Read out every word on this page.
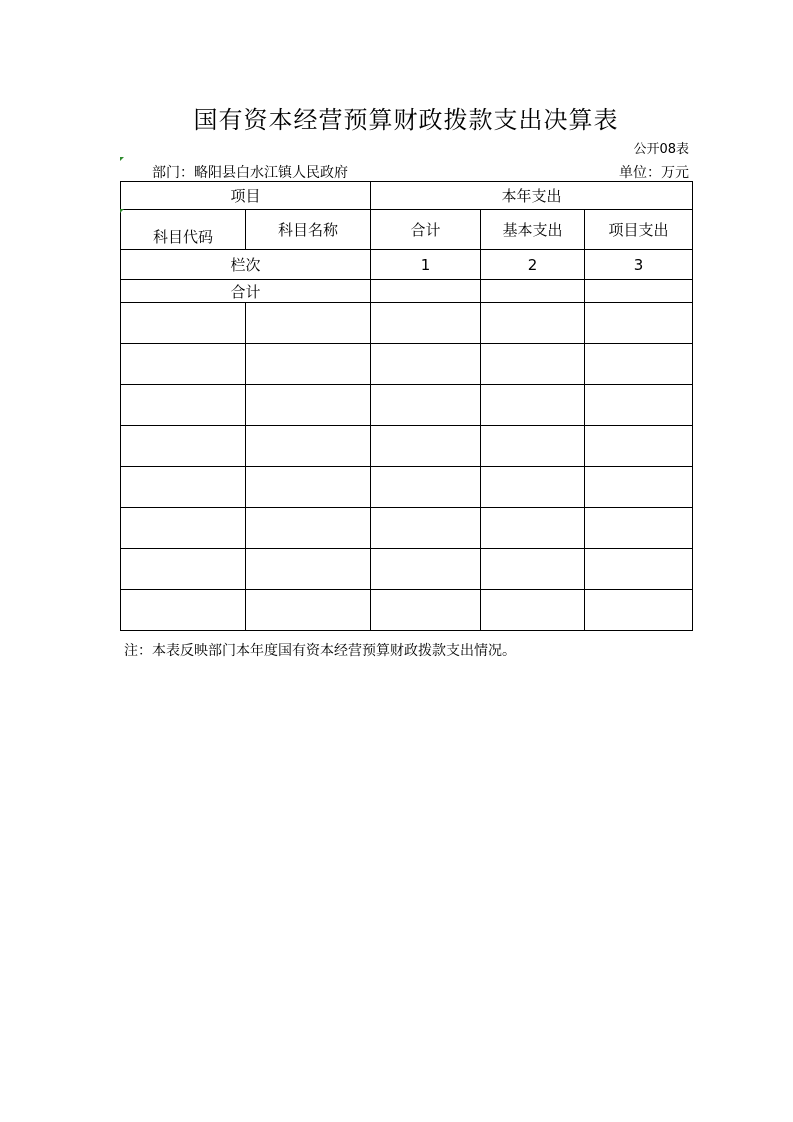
国有资本经营预算财政拨款支出决算表
公开08表
部门：略阳县白水江镇人民政府	单位：万元
项目		本年支出		
科目代码	科目名称	合计	基本支出	项目支出
栏次		1	2	3
合计				

注：本表反映部门本年度国有资本经营预算财政拨款支出情况。
